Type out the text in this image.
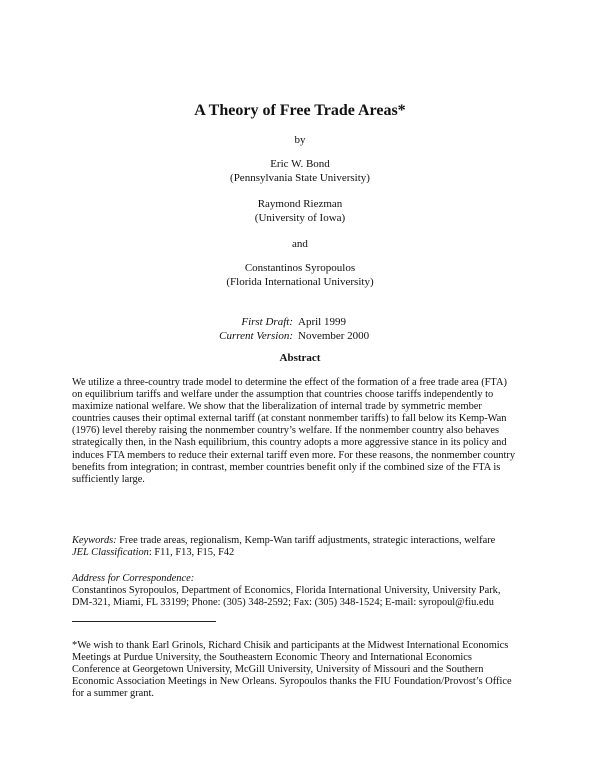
A Theory of Free Trade Areas*
by
Eric W. Bond
(Pennsylvania State University)
Raymond Riezman
(University of Iowa)
and
Constantinos Syropoulos
(Florida International University)
First Draft: April 1999
Current Version: November 2000
Abstract
We utilize a three-country trade model to determine the effect of the formation of a free trade area (FTA)
on equilibrium tariffs and welfare under the assumption that countries choose tariffs independently to
maximize national welfare. We show that the liberalization of internal trade by symmetric member
countries causes their optimal external tariff (at constant nonmember tariffs) to fall below its Kemp-Wan
(1976) level thereby raising the nonmember country’s welfare. If the nonmember country also behaves
strategically then, in the Nash equilibrium, this country adopts a more aggressive stance in its policy and
induces FTA members to reduce their external tariff even more. For these reasons, the nonmember country
benefits from integration; in contrast, member countries benefit only if the combined size of the FTA is
sufficiently large.
Keywords: Free trade areas, regionalism, Kemp-Wan tariff adjustments, strategic interactions, welfare
JEL Classification: F11, F13, F15, F42
Address for Correspondence:
Constantinos Syropoulos, Department of Economics, Florida International University, University Park,
DM-321, Miami, FL 33199; Phone: (305) 348-2592; Fax: (305) 348-1524; E-mail: syropoul@fiu.edu
*We wish to thank Earl Grinols, Richard Chisik and participants at the Midwest International Economics
Meetings at Purdue University, the Southeastern Economic Theory and International Economics
Conference at Georgetown University, McGill University, University of Missouri and the Southern
Economic Association Meetings in New Orleans. Syropoulos thanks the FIU Foundation/Provost’s Office
for a summer grant.
